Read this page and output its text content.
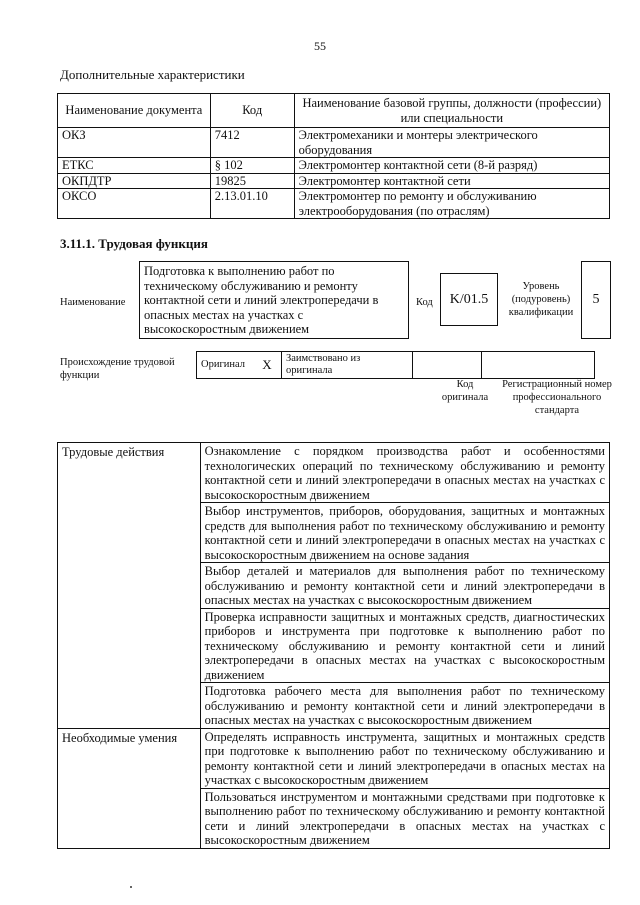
55
Дополнительные характеристики
Наименование документа	Код	Наименование базовой группы, должности (профессии) или специальности
ОКЗ	7412	Электромеханики и монтеры электрического оборудования
ЕТКС	§ 102	Электромонтер контактной сети (8-й разряд)
ОКПДТР	19825	Электромонтер контактной сети
ОКСО	2.13.01.10	Электромонтер по ремонту и обслуживанию электрооборудования (по отраслям)
3.11.1. Трудовая функция
Наименование
Подготовка к выполнению работ по техническому обслуживанию и ремонту контактной сети и линий электропередачи в опасных местах на участках с высокоскоростным движением
Код	K/01.5
Уровень (подуровень) квалификации
5
Происхождение трудовой функции
Оригинал	X	Заимствовано из оригинала		
Код оригинала
Регистрационный номер профессионального стандарта
Трудовые действия	Ознакомление с порядком производства работ и особенностями технологических операций по техническому обслуживанию и ремонту контактной сети и линий электропередачи в опасных местах на участках с высокоскоростным движением
	Выбор инструментов, приборов, оборудования, защитных и монтажных средств для выполнения работ по техническому обслуживанию и ремонту контактной сети и линий электропередачи в опасных местах на участках с высокоскоростным движением на основе задания
	Выбор деталей и материалов для выполнения работ по техническому обслуживанию и ремонту контактной сети и линий электропередачи в опасных местах на участках с высокоскоростным движением
	Проверка исправности защитных и монтажных средств, диагностических приборов и инструмента при подготовке к выполнению работ по техническому обслуживанию и ремонту контактной сети и линий электропередачи в опасных местах на участках с высокоскоростным движением
	Подготовка рабочего места для выполнения работ по техническому обслуживанию и ремонту контактной сети и линий электропередачи в опасных местах на участках с высокоскоростным движением
Необходимые умения	Определять исправность инструмента, защитных и монтажных средств при подготовке к выполнению работ по техническому обслуживанию и ремонту контактной сети и линий электропередачи в опасных местах на участках с высокоскоростным движением
	Пользоваться инструментом и монтажными средствами при подготовке к выполнению работ по техническому обслуживанию и ремонту контактной сети и линий электропередачи в опасных местах на участках с высокоскоростным движением
